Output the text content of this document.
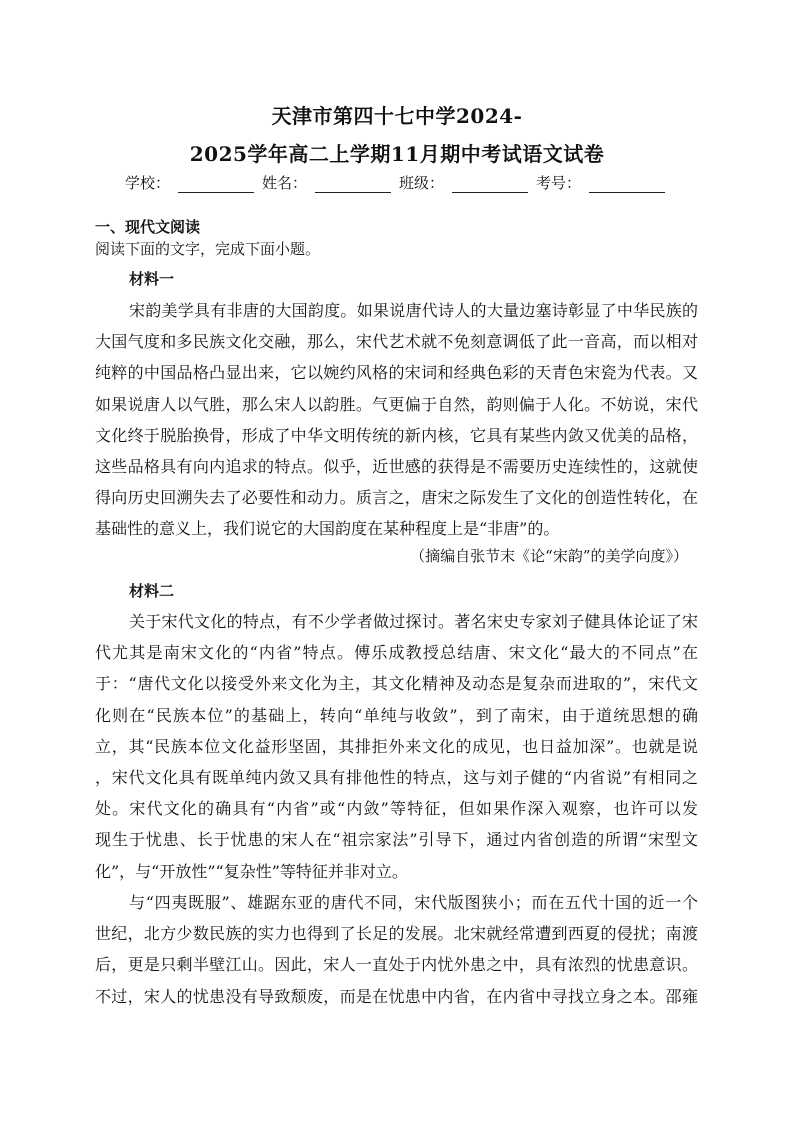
天津市第四十七中学2024-
2025学年高二上学期11月期中考试语文试卷
学校：	姓名：	班级：	考号：
一、现代文阅读
阅读下面的文字，完成下面小题。
材料一
宋韵美学具有非唐的大国韵度。如果说唐代诗人的大量边塞诗彰显了中华民族的
大国气度和多民族文化交融，那么，宋代艺术就不免刻意调低了此一音高，而以相对
纯粹的中国品格凸显出来，它以婉约风格的宋词和经典色彩的天青色宋瓷为代表。又
如果说唐人以气胜，那么宋人以韵胜。气更偏于自然，韵则偏于人化。不妨说，宋代
文化终于脱胎换骨，形成了中华文明传统的新内核，它具有某些内敛又优美的品格，
这些品格具有向内追求的特点。似乎，近世感的获得是不需要历史连续性的，这就使
得向历史回溯失去了必要性和动力。质言之，唐宋之际发生了文化的创造性转化，在
基础性的意义上，我们说它的大国韵度在某种程度上是“非唐”的。
（摘编自张节末《论“宋韵”的美学向度》）
材料二
关于宋代文化的特点，有不少学者做过探讨。著名宋史专家刘子健具体论证了宋
代尤其是南宋文化的“内省”特点。傅乐成教授总结唐、宋文化“最大的不同点”在
于：“唐代文化以接受外来文化为主，其文化精神及动态是复杂而进取的”，宋代文
化则在“民族本位”的基础上，转向“单纯与收敛”，到了南宋，由于道统思想的确
立，其“民族本位文化益形坚固，其排拒外来文化的成见，也日益加深”。也就是说
，宋代文化具有既单纯内敛又具有排他性的特点，这与刘子健的“内省说”有相同之
处。宋代文化的确具有“内省”或“内敛”等特征，但如果作深入观察，也许可以发
现生于忧患、长于忧患的宋人在“祖宗家法”引导下，通过内省创造的所谓“宋型文
化”，与“开放性”“复杂性”等特征并非对立。
与“四夷既服”、雄踞东亚的唐代不同，宋代版图狭小；而在五代十国的近一个
世纪，北方少数民族的实力也得到了长足的发展。北宋就经常遭到西夏的侵扰；南渡
后，更是只剩半壁江山。因此，宋人一直处于内忧外患之中，具有浓烈的忧患意识。
不过，宋人的忧患没有导致颓废，而是在忧患中内省，在内省中寻找立身之本。邵雍
